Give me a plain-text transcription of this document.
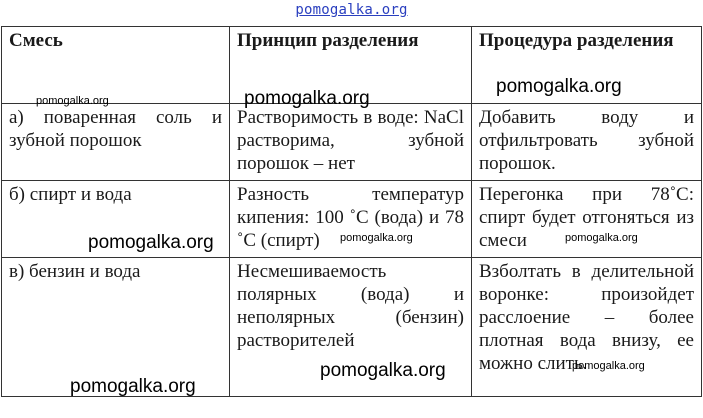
pomogalka.org
Смесь	Принцип разделения	Процедура разделения
а) поваренная соль и зубной порошок	Растворимость в воде: NaCl растворима, зубной порошок – нет	Добавить воду и отфильтровать зубной порошок.
б) спирт и вода	Разность температур кипения: 100 ˚С (вода) и 78 ˚С (спирт)	Перегонка при 78˚С: спирт будет отгоняться из смеси
в) бензин и вода	Несмешиваемость полярных (вода) и неполярных (бензин) растворителей	Взболтать в делительной воронке: произойдет расслоение – более плотная вода внизу, ее можно слить.
pomogalka.org	pomogalka.org
pomogalka.org
pomogalka.org	pomogalka.org	pomogalka.org
pomogalka.org	pomogalka.org
pomogalka.org
